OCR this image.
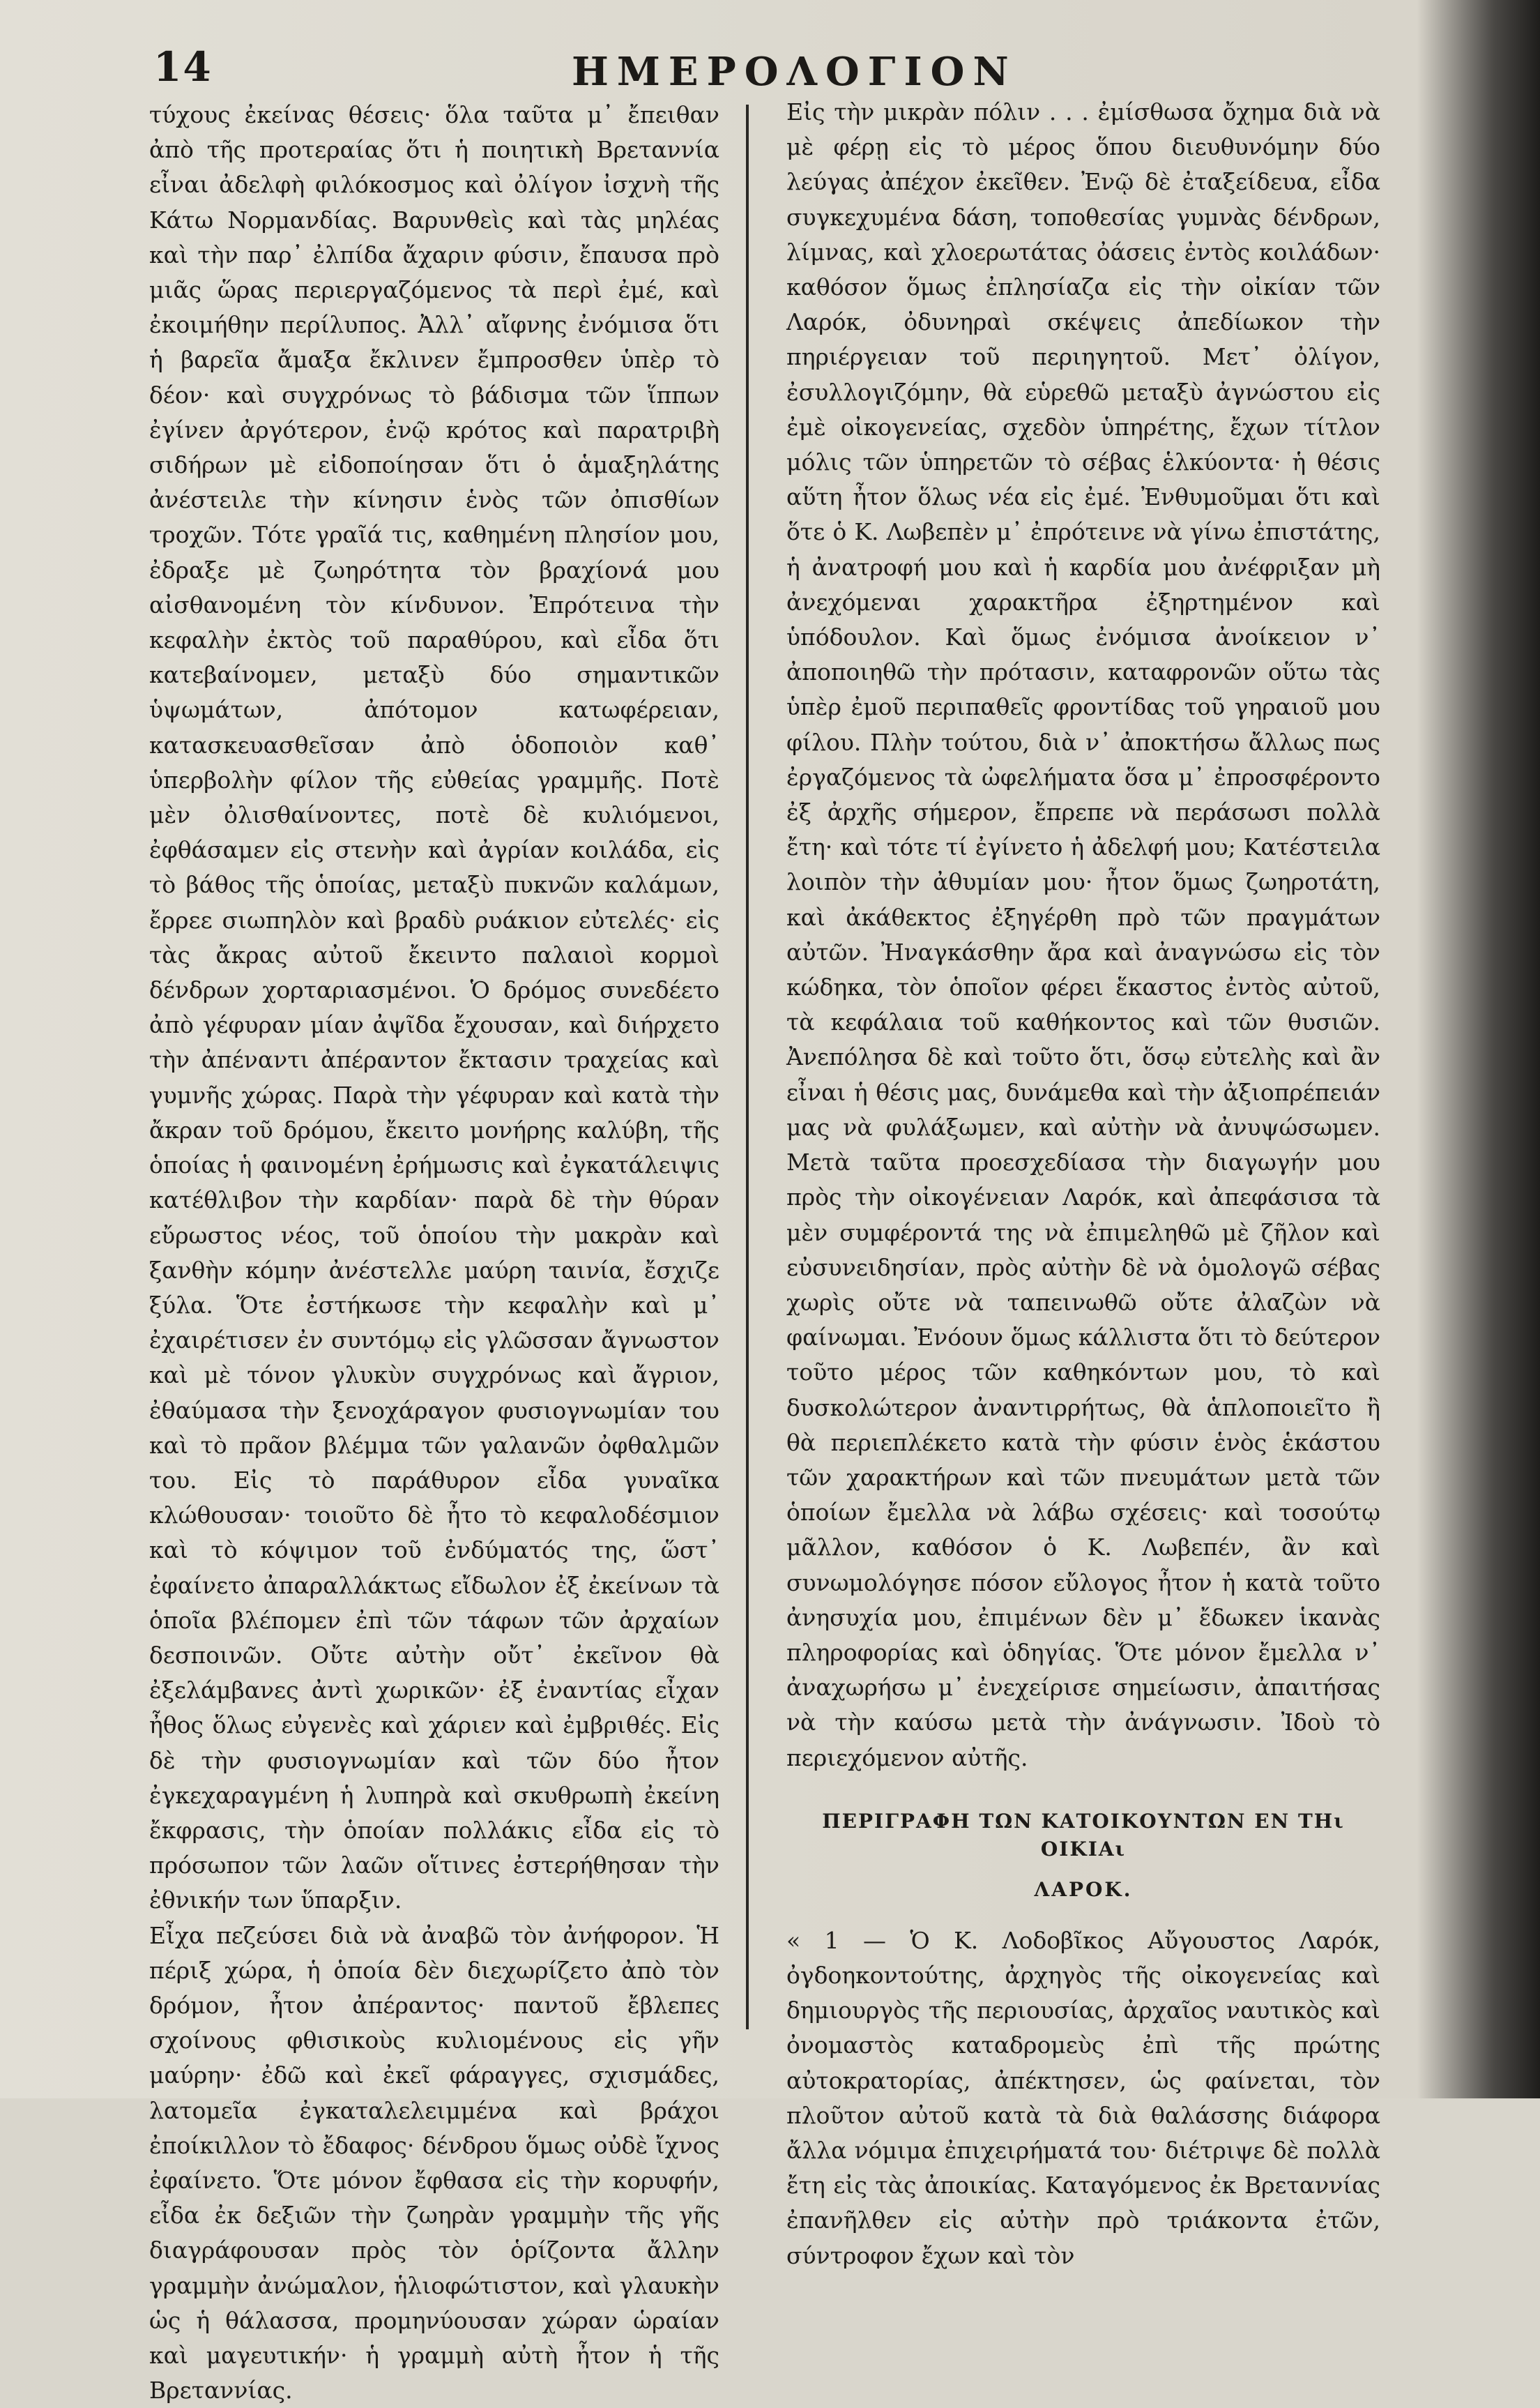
14	ΗΜΕΡΟΛΟΓΙΟΝ

τύχους ἐκείνας θέσεις· ὅλα ταῦτα μ᾽ ἔπειθαν ἀπὸ τῆς προτεραίας ὅτι ἡ ποιητικὴ Βρεταννία εἶναι ἀδελφὴ φιλόκοσμος καὶ ὀλίγον ἰσχνὴ τῆς Κάτω Νορμανδίας. Βαρυνθεὶς καὶ τὰς μηλέας καὶ τὴν παρ᾽ ἐλπίδα ἄχαριν φύσιν, ἔπαυσα πρὸ μιᾶς ὥρας περιεργαζόμενος τὰ περὶ ἐμέ, καὶ ἐκοιμήθην περίλυπος. Ἀλλ᾽ αἴφνης ἐνόμισα ὅτι ἡ βαρεῖα ἄμαξα ἔκλινεν ἔμπροσθεν ὑπὲρ τὸ δέον· καὶ συγχρόνως τὸ βάδισμα τῶν ἵππων ἐγίνεν ἀργότερον, ἐνῷ κρότος καὶ παρατριβὴ σιδήρων μὲ εἰδοποίησαν ὅτι ὁ ἁμαξηλάτης ἀνέστειλε τὴν κίνησιν ἑνὸς τῶν ὀπισθίων τροχῶν. Τότε γραῖά τις, καθημένη πλησίον μου, ἐδραξε μὲ ζωηρότητα τὸν βραχίονά μου αἰσθανομένη τὸν κίνδυνον. Ἐπρότεινα τὴν κεφαλὴν ἐκτὸς τοῦ παραθύρου, καὶ εἶδα ὅτι κατεβαίνομεν, μεταξὺ δύο σημαντικῶν ὑψωμάτων, ἀπότομον κατωφέρειαν, κατασκευασθεῖσαν ἀπὸ ὁδοποιὸν καθ᾽ ὑπερβολὴν φίλον τῆς εὐθείας γραμμῆς. Ποτὲ μὲν ὀλισθαίνοντες, ποτὲ δὲ κυλιόμενοι, ἐφθάσαμεν εἰς στενὴν καὶ ἀγρίαν κοιλάδα, εἰς τὸ βάθος τῆς ὁποίας, μεταξὺ πυκνῶν καλάμων, ἔρρεε σιωπηλὸν καὶ βραδὺ ρυάκιον εὐτελές· εἰς τὰς ἄκρας αὐτοῦ ἔκειντο παλαιοὶ κορμοὶ δένδρων χορταριασμένοι. Ὁ δρόμος συνεδέετο ἀπὸ γέφυραν μίαν ἀψῖδα ἔχουσαν, καὶ διήρχετο τὴν ἀπέναντι ἀπέραντον ἔκτασιν τραχείας καὶ γυμνῆς χώρας. Παρὰ τὴν γέφυραν καὶ κατὰ τὴν ἄκραν τοῦ δρόμου, ἔκειτο μονήρης καλύβη, τῆς ὁποίας ἡ φαινομένη ἐρήμωσις καὶ ἐγκατάλειψις κατέθλιβον τὴν καρδίαν· παρὰ δὲ τὴν θύραν εὔρωστος νέος, τοῦ ὁποίου τὴν μακρὰν καὶ ξανθὴν κόμην ἀνέστελλε μαύρη ταινία, ἔσχιζε ξύλα. Ὅτε ἐστήκωσε τὴν κεφαλὴν καὶ μ᾽ ἐχαιρέτισεν ἐν συντόμῳ εἰς γλῶσσαν ἄγνωστον καὶ μὲ τόνον γλυκὺν συγχρόνως καὶ ἄγριον, ἐθαύμασα τὴν ξενοχάραγον φυσιογνωμίαν του καὶ τὸ πρᾶον βλέμμα τῶν γαλανῶν ὀφθαλμῶν του. Εἰς τὸ παράθυρον εἶδα γυναῖκα κλώθουσαν· τοιοῦτο δὲ ἦτο τὸ κεφαλοδέσμιον καὶ τὸ κόψιμον τοῦ ἐνδύματός της, ὥστ᾽ ἐφαίνετο ἀπαραλλάκτως εἴδωλον ἐξ ἐκείνων τὰ ὁποῖα βλέπομεν ἐπὶ τῶν τάφων τῶν ἀρχαίων δεσποινῶν. Οὔτε αὐτὴν οὔτ᾽ ἐκεῖνον θὰ ἐξελάμβανες ἀντὶ χωρικῶν· ἐξ ἐναντίας εἶχαν ἦθος ὅλως εὐγενὲς καὶ χάριεν καὶ ἐμβριθές. Εἰς δὲ τὴν φυσιογνωμίαν καὶ τῶν δύο ἦτον ἐγκεχαραγμένη ἡ λυπηρὰ καὶ σκυθρωπὴ ἐκείνη ἔκφρασις, τὴν ὁποίαν πολλάκις εἶδα εἰς τὸ πρόσωπον τῶν λαῶν οἵτινες ἐστερήθησαν τὴν ἐθνικήν των ὕπαρξιν.

Εἶχα πεζεύσει διὰ νὰ ἀναβῶ τὸν ἀνήφορον. Ἡ πέριξ χώρα, ἡ ὁποία δὲν διεχωρίζετο ἀπὸ τὸν δρόμον, ἦτον ἀπέραντος· παντοῦ ἔβλεπες σχοίνους φθισικοὺς κυλιομένους εἰς γῆν μαύρην· ἐδῶ καὶ ἐκεῖ φάραγγες, σχισμάδες, λατομεῖα ἐγκαταλελειμμένα καὶ βράχοι ἐποίκιλλον τὸ ἔδαφος· δένδρου ὅμως οὐδὲ ἴχνος ἐφαίνετο. Ὅτε μόνον ἔφθασα εἰς τὴν κορυφήν, εἶδα ἐκ δεξιῶν τὴν ζωηρὰν γραμμὴν τῆς γῆς διαγράφουσαν πρὸς τὸν ὁρίζοντα ἄλλην γραμμὴν ἀνώμαλον, ἡλιοφώτιστον, καὶ γλαυκὴν ὡς ἡ θάλασσα, προμηνύουσαν χώραν ὡραίαν καὶ μαγευτικήν· ἡ γραμμὴ αὐτὴ ἦτον ἡ τῆς Βρεταννίας.

Εἰς τὴν μικρὰν πόλιν . . . ἐμίσθωσα ὄχημα διὰ νὰ μὲ φέρῃ εἰς τὸ μέρος ὅπου διευθυνόμην δύο λεύγας ἀπέχον ἐκεῖθεν. Ἐνῷ δὲ ἐταξείδευα, εἶδα συγκεχυμένα δάση, τοποθεσίας γυμνὰς δένδρων, λίμνας, καὶ χλοερωτάτας ὀάσεις ἐντὸς κοιλάδων· καθόσον ὅμως ἐπλησίαζα εἰς τὴν οἰκίαν τῶν Λαρόκ, ὀδυνηραὶ σκέψεις ἀπεδίωκον τὴν πηριέργειαν τοῦ περιηγητοῦ. Μετ᾽ ὀλίγον, ἐσυλλογιζόμην, θὰ εὑρεθῶ μεταξὺ ἀγνώστου εἰς ἐμὲ οἰκογενείας, σχεδὸν ὑπηρέτης, ἔχων τίτλον μόλις τῶν ὑπηρετῶν τὸ σέβας ἑλκύοντα· ἡ θέσις αὕτη ἦτον ὅλως νέα εἰς ἐμέ. Ἐνθυμοῦμαι ὅτι καὶ ὅτε ὁ Κ. Λωβεπὲν μ᾽ ἐπρότεινε νὰ γίνω ἐπιστάτης, ἡ ἀνατροφή μου καὶ ἡ καρδία μου ἀνέφριξαν μὴ ἀνεχόμεναι χαρακτῆρα ἐξηρτημένον καὶ ὑπόδουλον. Καὶ ὅμως ἐνόμισα ἀνοίκειον ν᾽ ἀποποιηθῶ τὴν πρότασιν, καταφρονῶν οὕτω τὰς ὑπὲρ ἐμοῦ περιπαθεῖς φροντίδας τοῦ γηραιοῦ μου φίλου. Πλὴν τούτου, διὰ ν᾽ ἀποκτήσω ἄλλως πως ἐργαζόμενος τὰ ὠφελήματα ὅσα μ᾽ ἐπροσφέροντο ἐξ ἀρχῆς σήμερον, ἔπρεπε νὰ περάσωσι πολλὰ ἔτη· καὶ τότε τί ἐγίνετο ἡ ἀδελφή μου; Κατέστειλα λοιπὸν τὴν ἀθυμίαν μου· ἦτον ὅμως ζωηροτάτη, καὶ ἀκάθεκτος ἐξηγέρθη πρὸ τῶν πραγμάτων αὐτῶν. Ἠναγκάσθην ἄρα καὶ ἀναγνώσω εἰς τὸν κώδηκα, τὸν ὁποῖον φέρει ἕκαστος ἐντὸς αὐτοῦ, τὰ κεφάλαια τοῦ καθήκοντος καὶ τῶν θυσιῶν. Ἀνεπόλησα δὲ καὶ τοῦτο ὅτι, ὅσῳ εὐτελὴς καὶ ἂν εἶναι ἡ θέσις μας, δυνάμεθα καὶ τὴν ἀξιοπρέπειάν μας νὰ φυλάξωμεν, καὶ αὐτὴν νὰ ἀνυψώσωμεν. Μετὰ ταῦτα προεσχεδίασα τὴν διαγωγήν μου πρὸς τὴν οἰκογένειαν Λαρόκ, καὶ ἀπεφάσισα τὰ μὲν συμφέροντά της νὰ ἐπιμεληθῶ μὲ ζῆλον καὶ εὐσυνειδησίαν, πρὸς αὐτὴν δὲ νὰ ὁμολογῶ σέβας χωρὶς οὔτε νὰ ταπεινωθῶ οὔτε ἀλαζὼν νὰ φαίνωμαι. Ἐνόουν ὅμως κάλλιστα ὅτι τὸ δεύτερον τοῦτο μέρος τῶν καθηκόντων μου, τὸ καὶ δυσκολώτερον ἀναντιρρήτως, θὰ ἁπλοποιεῖτο ἢ θὰ περιεπλέκετο κατὰ τὴν φύσιν ἑνὸς ἑκάστου τῶν χαρακτήρων καὶ τῶν πνευμάτων μετὰ τῶν ὁποίων ἔμελλα νὰ λάβω σχέσεις· καὶ τοσούτῳ μᾶλλον, καθόσον ὁ Κ. Λωβεπέν, ἂν καὶ συνωμολόγησε πόσον εὔλογος ἦτον ἡ κατὰ τοῦτο ἀνησυχία μου, ἐπιμένων δὲν μ᾽ ἔδωκεν ἱκανὰς πληροφορίας καὶ ὁδηγίας. Ὅτε μόνον ἔμελλα ν᾽ ἀναχωρήσω μ᾽ ἐνεχείρισε σημείωσιν, ἀπαιτήσας νὰ τὴν καύσω μετὰ τὴν ἀνάγνωσιν. Ἰδοὺ τὸ περιεχόμενον αὐτῆς.

ΠΕΡΙΓΡΑΦΗ ΤΩΝ ΚΑΤΟΙΚΟΥΝΤΩΝ ΕΝ ΤΗι ΟΙΚΙΑι
ΛΑΡΟΚ.

« 1 — Ὁ Κ. Λοδοβῖκος Αὔγουστος Λαρόκ, ὀγδοηκοντούτης, ἀρχηγὸς τῆς οἰκογενείας καὶ δημιουργὸς τῆς περιουσίας, ἀρχαῖος ναυτικὸς καὶ ὀνομαστὸς καταδρομεὺς ἐπὶ τῆς πρώτης αὐτοκρατορίας, ἀπέκτησεν, ὡς φαίνεται, τὸν πλοῦτον αὐτοῦ κατὰ τὰ διὰ θαλάσσης διάφορα ἄλλα νόμιμα ἐπιχειρήματά του· διέτριψε δὲ πολλὰ ἔτη εἰς τὰς ἀποικίας. Καταγόμενος ἐκ Βρεταννίας ἐπανῆλθεν εἰς αὐτὴν πρὸ τριάκοντα ἐτῶν, σύντροφον ἔχων καὶ τὸν
